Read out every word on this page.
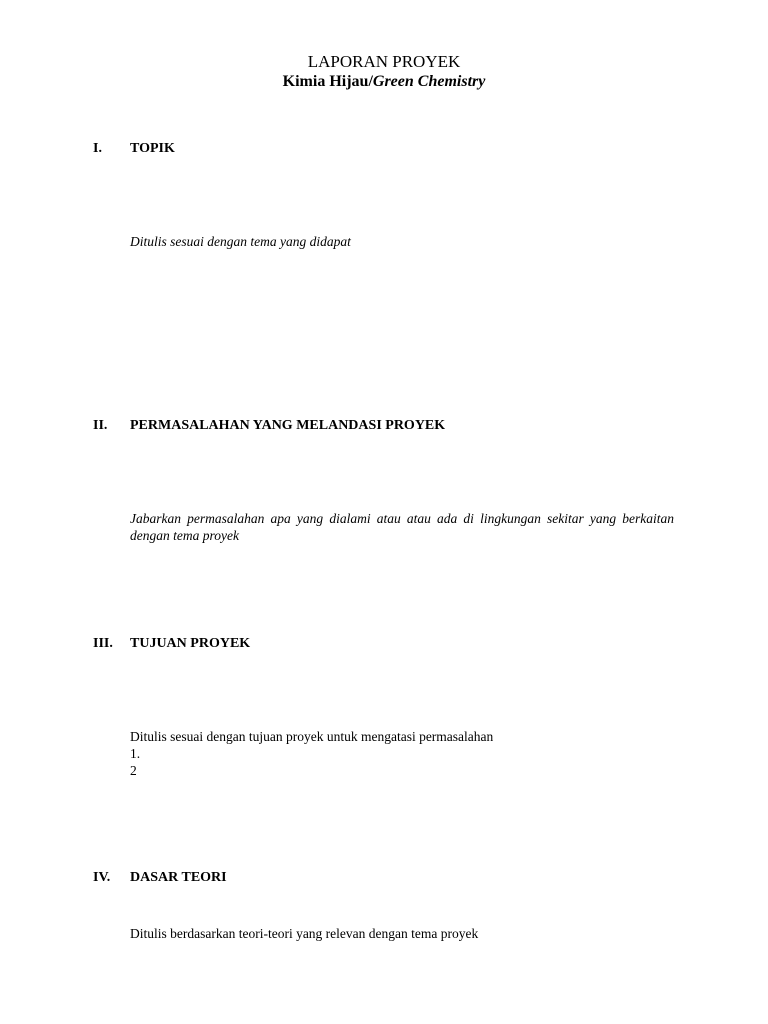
LAPORAN PROYEK
Kimia Hijau/Green Chemistry
I.	TOPIK
Ditulis sesuai dengan tema yang didapat
II.	PERMASALAHAN YANG MELANDASI PROYEK
Jabarkan permasalahan apa yang dialami atau atau ada di lingkungan sekitar yang berkaitan dengan tema proyek
III.	TUJUAN PROYEK
Ditulis sesuai dengan tujuan proyek untuk mengatasi permasalahan
1.
2
IV.	DASAR TEORI
Ditulis berdasarkan teori-teori yang relevan dengan tema proyek
